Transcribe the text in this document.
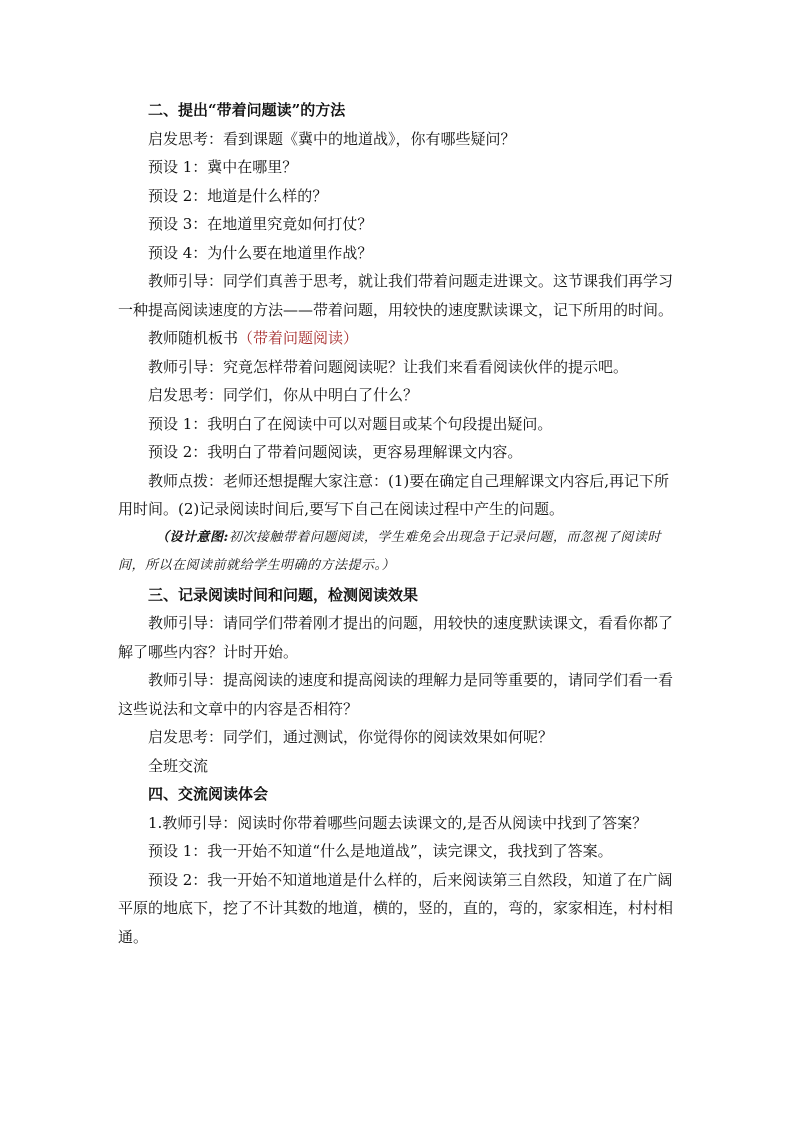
二、提出“带着问题读”的方法

启发思考：看到课题《冀中的地道战》，你有哪些疑问？

预设 1：冀中在哪里？

预设 2：地道是什么样的？

预设 3：在地道里究竟如何打仗？

预设 4：为什么要在地道里作战？

教师引导：同学们真善于思考，就让我们带着问题走进课文。这节课我们再学习一种提高阅读速度的方法——带着问题，用较快的速度默读课文，记下所用的时间。

教师随机板书（带着问题阅读）

教师引导：究竟怎样带着问题阅读呢？让我们来看看阅读伙伴的提示吧。

启发思考：同学们，你从中明白了什么？

预设 1：我明白了在阅读中可以对题目或某个句段提出疑问。

预设 2：我明白了带着问题阅读，更容易理解课文内容。

教师点拨：老师还想提醒大家注意：(1)要在确定自己理解课文内容后,再记下所用时间。(2)记录阅读时间后,要写下自己在阅读过程中产生的问题。

（设计意图:初次接触带着问题阅读，学生难免会出现急于记录问题，而忽视了阅读时间，所以在阅读前就给学生明确的方法提示。）

三、记录阅读时间和问题，检测阅读效果

教师引导：请同学们带着刚才提出的问题，用较快的速度默读课文，看看你都了解了哪些内容？计时开始。

教师引导：提高阅读的速度和提高阅读的理解力是同等重要的，请同学们看一看这些说法和文章中的内容是否相符？

启发思考：同学们，通过测试，你觉得你的阅读效果如何呢？

全班交流

四、交流阅读体会

1.教师引导：阅读时你带着哪些问题去读课文的,是否从阅读中找到了答案？

预设 1：我一开始不知道“什么是地道战”，读完课文，我找到了答案。

预设 2：我一开始不知道地道是什么样的，后来阅读第三自然段，知道了在广阔平原的地底下，挖了不计其数的地道，横的，竖的，直的，弯的，家家相连，村村相通。
